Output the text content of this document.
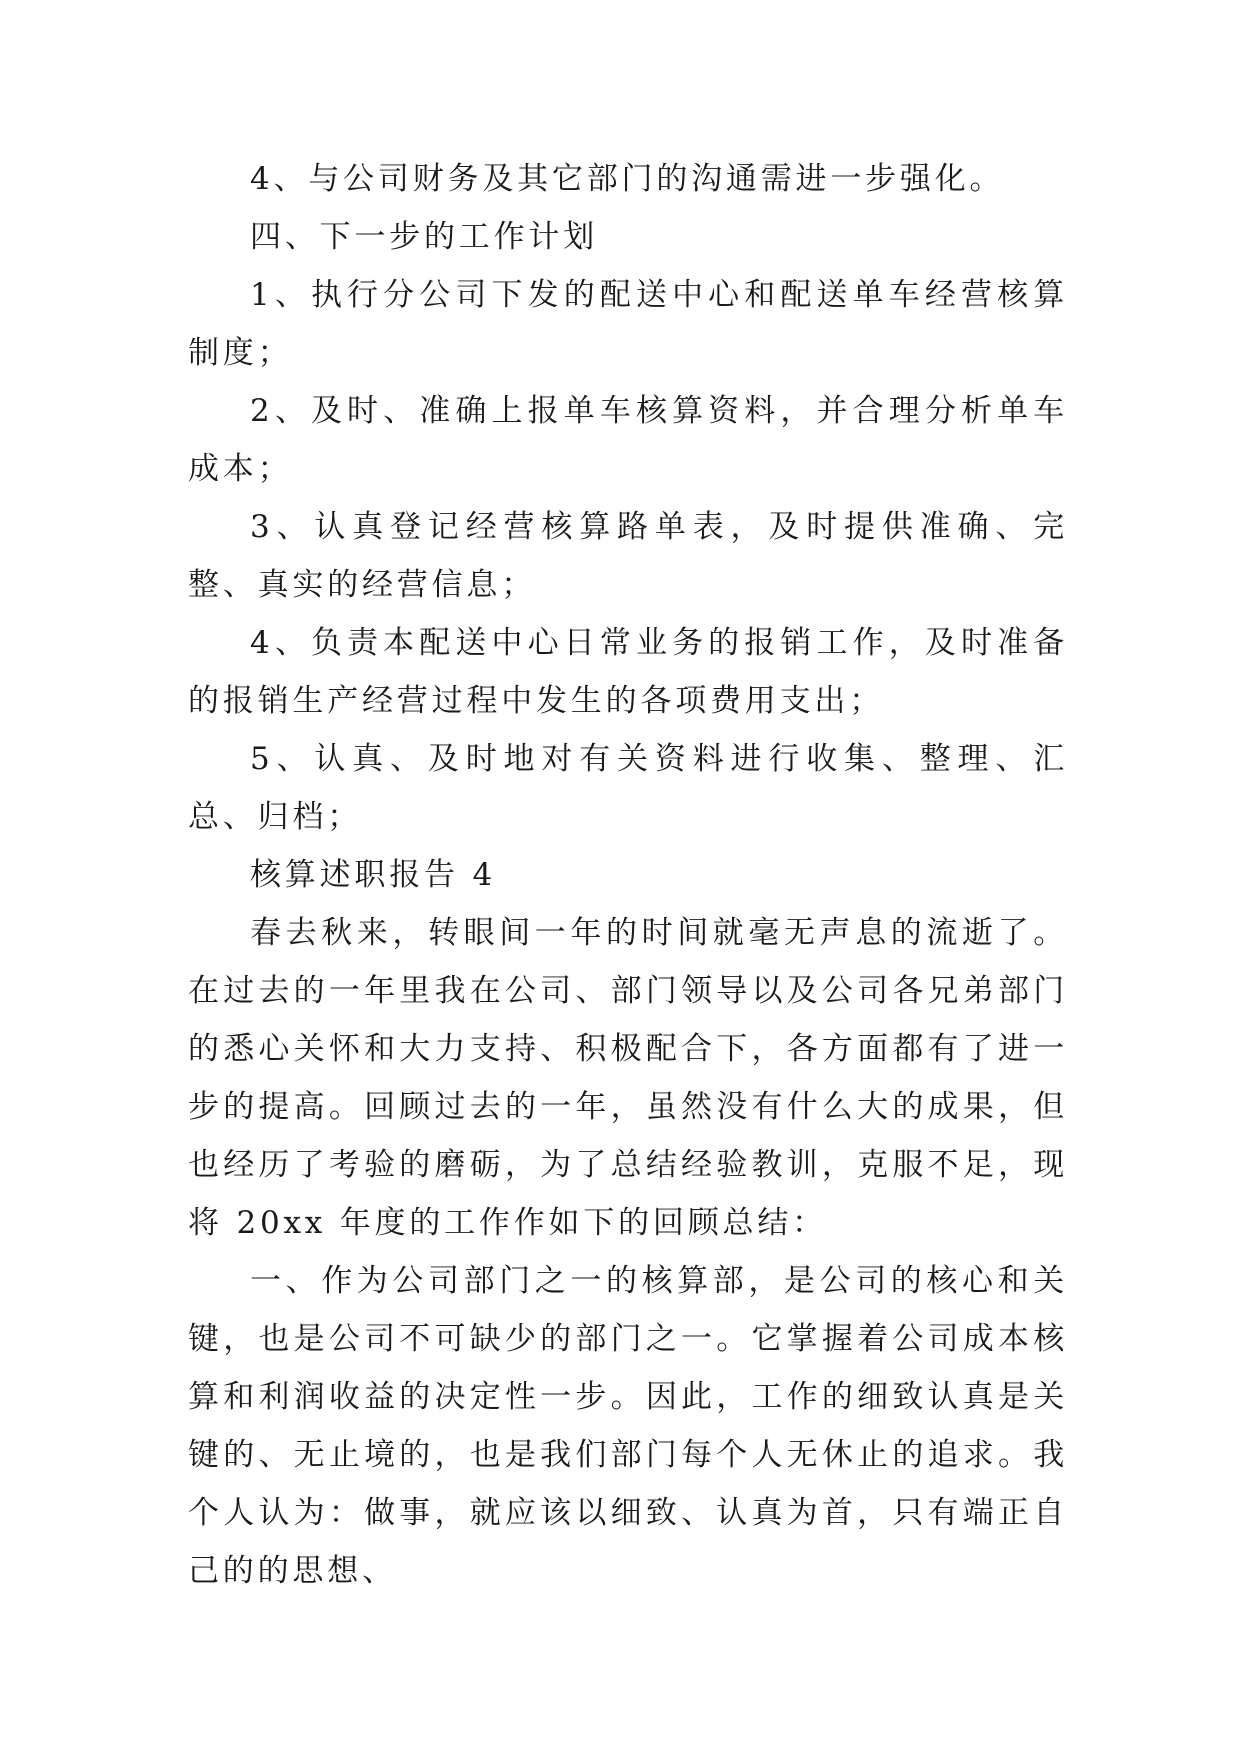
4、与公司财务及其它部门的沟通需进一步强化。

四、下一步的工作计划

1、执行分公司下发的配送中心和配送单车经营核算制度；

2、及时、准确上报单车核算资料，并合理分析单车成本；

3、认真登记经营核算路单表，及时提供准确、完整、真实的经营信息；

4、负责本配送中心日常业务的报销工作，及时准备的报销生产经营过程中发生的各项费用支出；

5、认真、及时地对有关资料进行收集、整理、汇总、归档；

核算述职报告 4

春去秋来，转眼间一年的时间就毫无声息的流逝了。在过去的一年里我在公司、部门领导以及公司各兄弟部门的悉心关怀和大力支持、积极配合下，各方面都有了进一步的提高。回顾过去的一年，虽然没有什么大的成果，但也经历了考验的磨砺，为了总结经验教训，克服不足，现将 20xx 年度的工作作如下的回顾总结：

一、作为公司部门之一的核算部，是公司的核心和关键，也是公司不可缺少的部门之一。它掌握着公司成本核算和利润收益的决定性一步。因此，工作的细致认真是关键的、无止境的，也是我们部门每个人无休止的追求。我个人认为：做事，就应该以细致、认真为首，只有端正自己的的思想、
